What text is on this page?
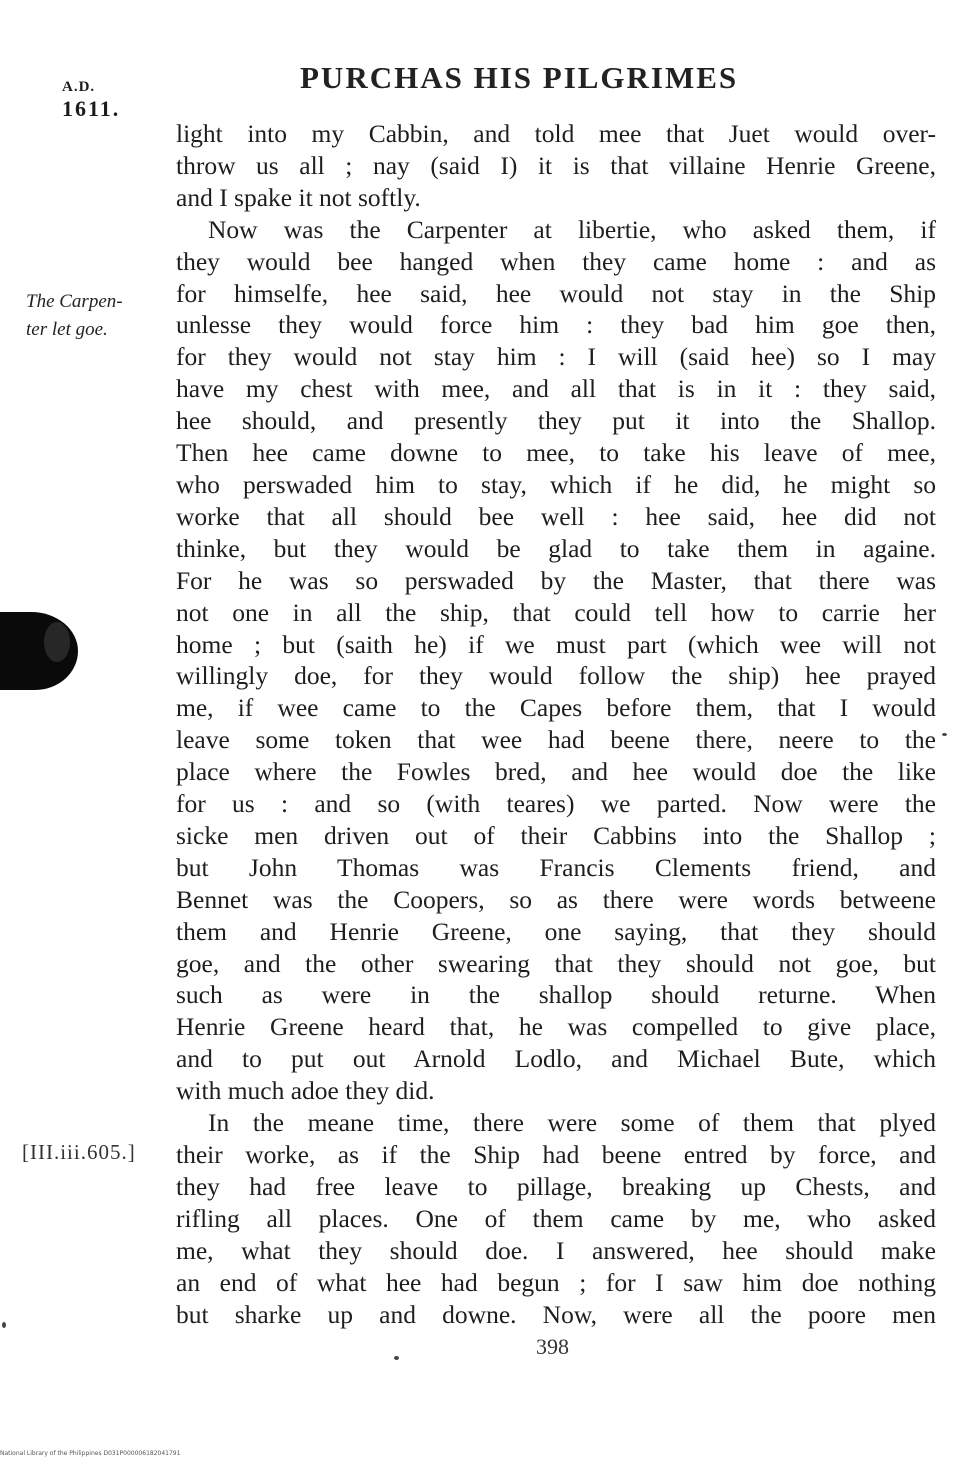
A.D.
1611.
PURCHAS HIS PILGRIMES
The Carpen-
ter let goe.
[III.iii.605.]
light into my Cabbin, and told mee that Juet would over-
throw us all ; nay (said I) it is that villaine Henrie Greene,
and I spake it not softly.
Now was the Carpenter at libertie, who asked them, if
they would bee hanged when they came home : and as
for himselfe, hee said, hee would not stay in the Ship
unlesse they would force him : they bad him goe then,
for they would not stay him : I will (said hee) so I may
have my chest with mee, and all that is in it : they said,
hee should, and presently they put it into the Shallop.
Then hee came downe to mee, to take his leave of mee,
who perswaded him to stay, which if he did, he might so
worke that all should bee well : hee said, hee did not
thinke, but they would be glad to take them in againe.
For he was so perswaded by the Master, that there was
not one in all the ship, that could tell how to carrie her
home ; but (saith he) if we must part (which wee will not
willingly doe, for they would follow the ship) hee prayed
me, if wee came to the Capes before them, that I would
leave some token that wee had beene there, neere to the
place where the Fowles bred, and hee would doe the like
for us : and so (with teares) we parted. Now were the
sicke men driven out of their Cabbins into the Shallop ;
but John Thomas was Francis Clements friend, and
Bennet was the Coopers, so as there were words betweene
them and Henrie Greene, one saying, that they should
goe, and the other swearing that they should not goe, but
such as were in the shallop should returne. When
Henrie Greene heard that, he was compelled to give place,
and to put out Arnold Lodlo, and Michael Bute, which
with much adoe they did.
In the meane time, there were some of them that plyed
their worke, as if the Ship had beene entred by force, and
they had free leave to pillage, breaking up Chests, and
rifling all places. One of them came by me, who asked
me, what they should doe. I answered, hee should make
an end of what hee had begun ; for I saw him doe nothing
but sharke up and downe. Now, were all the poore men
398
National Library of the Philippines D031P000006182041791
